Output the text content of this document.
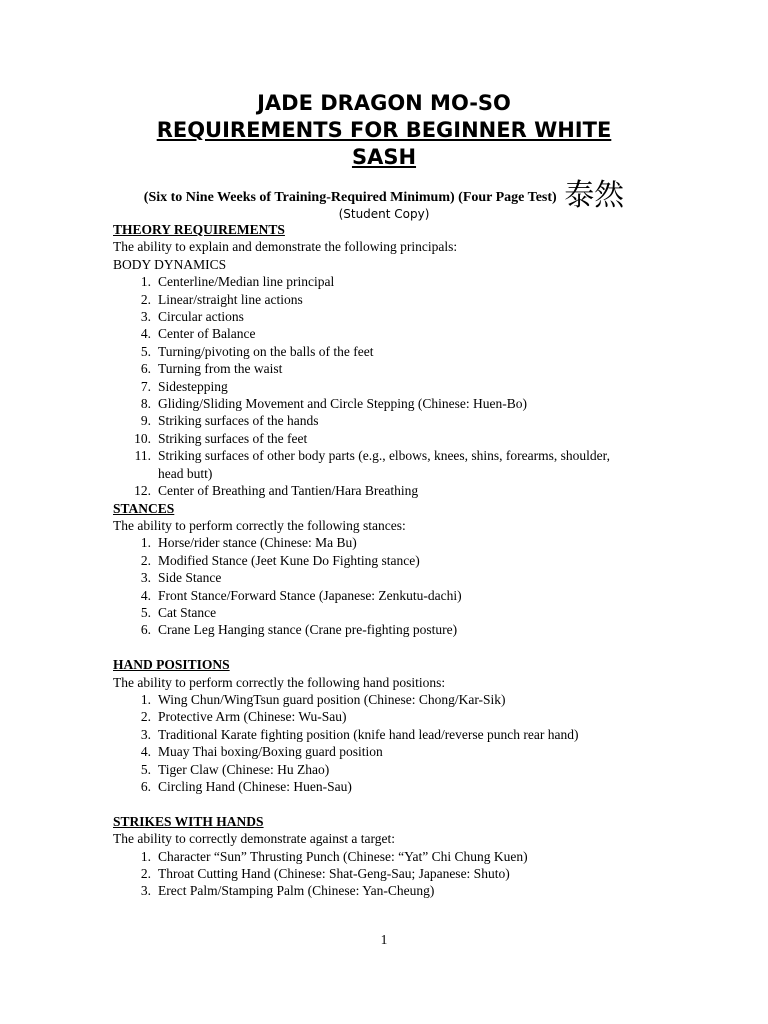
JADE DRAGON MO-SO
REQUIREMENTS FOR BEGINNER WHITE
SASH
(Six to Nine Weeks of Training-Required Minimum) (Four Page Test) 泰然
(Student Copy)
THEORY REQUIREMENTS
The ability to explain and demonstrate the following principals:
BODY DYNAMICS
1. Centerline/Median line principal
2. Linear/straight line actions
3. Circular actions
4. Center of Balance
5. Turning/pivoting on the balls of the feet
6. Turning from the waist
7. Sidestepping
8. Gliding/Sliding Movement and Circle Stepping (Chinese: Huen-Bo)
9. Striking surfaces of the hands
10. Striking surfaces of the feet
11. Striking surfaces of other body parts (e.g., elbows, knees, shins, forearms, shoulder,
head butt)
12. Center of Breathing and Tantien/Hara Breathing
STANCES
The ability to perform correctly the following stances:
1. Horse/rider stance (Chinese: Ma Bu)
2. Modified Stance (Jeet Kune Do Fighting stance)
3. Side Stance
4. Front Stance/Forward Stance (Japanese: Zenkutu-dachi)
5. Cat Stance
6. Crane Leg Hanging stance (Crane pre-fighting posture)
HAND POSITIONS
The ability to perform correctly the following hand positions:
1. Wing Chun/WingTsun guard position (Chinese: Chong/Kar-Sik)
2. Protective Arm (Chinese: Wu-Sau)
3. Traditional Karate fighting position (knife hand lead/reverse punch rear hand)
4. Muay Thai boxing/Boxing guard position
5. Tiger Claw (Chinese: Hu Zhao)
6. Circling Hand (Chinese: Huen-Sau)
STRIKES WITH HANDS
The ability to correctly demonstrate against a target:
1. Character “Sun” Thrusting Punch (Chinese: “Yat” Chi Chung Kuen)
2. Throat Cutting Hand (Chinese: Shat-Geng-Sau; Japanese: Shuto)
3. Erect Palm/Stamping Palm (Chinese: Yan-Cheung)
1
